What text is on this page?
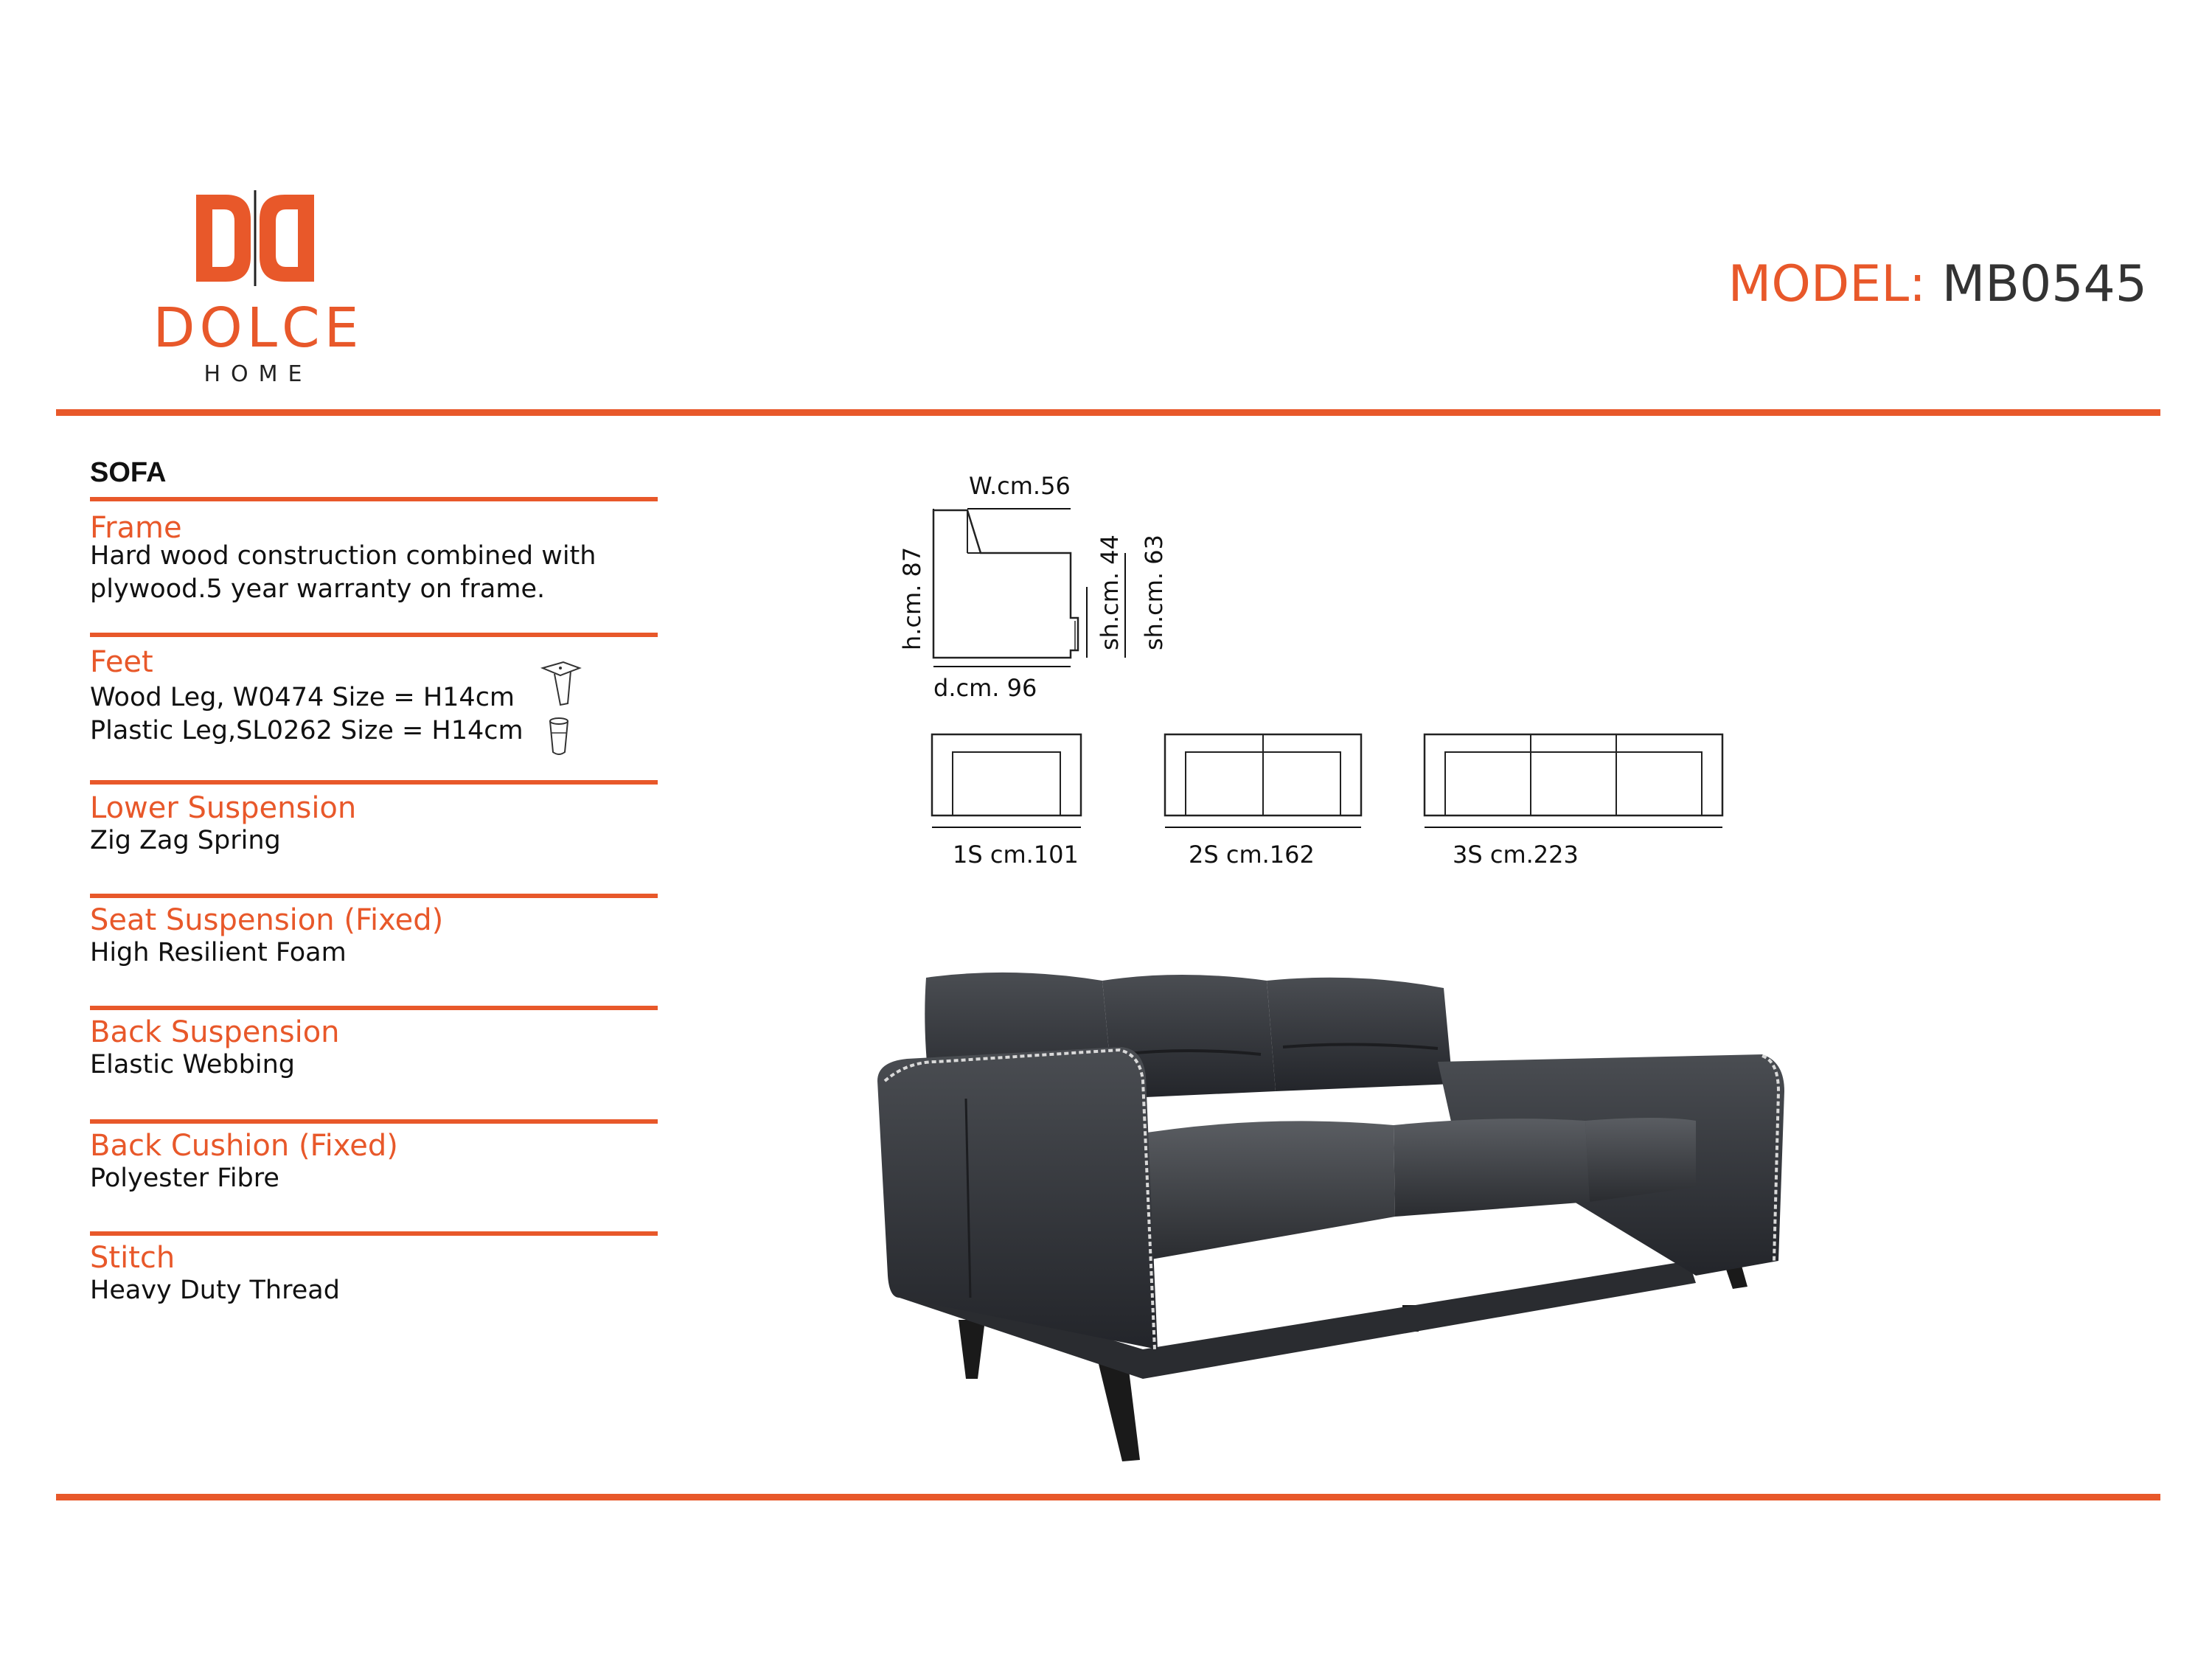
DOLCE
HOME
MODEL: MB0545
SOFA
Frame
Hard wood construction combined with
plywood.5 year warranty on frame.
Feet
Wood Leg, W0474 Size = H14cm
Plastic Leg,SL0262 Size = H14cm
Lower Suspension
Zig Zag Spring
Seat Suspension (Fixed)
High Resilient Foam
Back Suspension
Elastic Webbing
Back Cushion (Fixed)
Polyester Fibre
Stitch
Heavy Duty Thread
W.cm.56
d.cm. 96
h.cm. 87	sh.cm. 44 sh.cm. 63
1S cm.101	2S cm.162	3S cm.223
